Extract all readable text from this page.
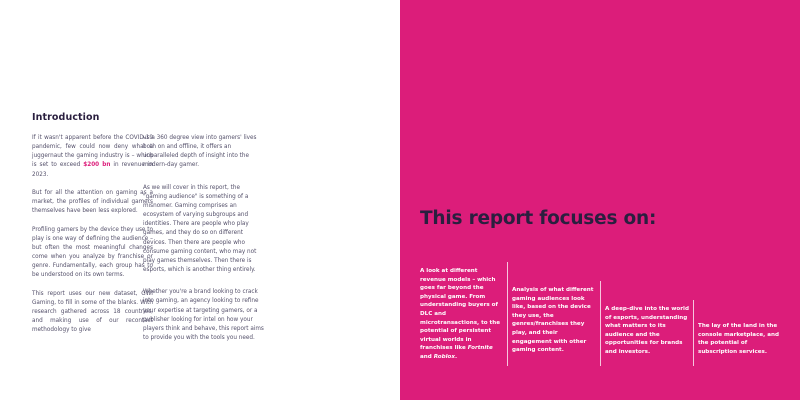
Introduction

If it wasn't apparent before the COVID-19 pandemic, few could now deny what a juggernaut the gaming industry is – which is set to exceed $200 bn in revenue in 2023.

But for all the attention on gaming as a market, the profiles of individual gamers themselves have been less explored.

Profiling gamers by the device they use to play is one way of defining the audience – but often the most meaningful changes come when you analyze by franchise or genre. Fundamentally, each group has to be understood on its own terms.

This report uses our new dataset, GWI Gaming, to fill in some of the blanks. With research gathered across 18 countries, and making use of our recontact methodology to give

us a 360 degree view into gamers' lives both on and offline, it offers an unparalleled depth of insight into the modern-day gamer.

As we will cover in this report, the "gaming audience" is something of a misnomer. Gaming comprises an ecosystem of varying subgroups and identities. There are people who play games, and they do so on different devices. Then there are people who consume gaming content, who may not play games themselves. Then there is esports, which is another thing entirely.

Whether you're a brand looking to crack into gaming, an agency looking to refine your expertise at targeting gamers, or a publisher looking for intel on how your players think and behave, this report aims to provide you with the tools you need.

This report focuses on:
A look at different revenue models – which goes far beyond the physical game. From understanding buyers of DLC and microtransactions, to the potential of persistent virtual worlds in franchises like Fortnite and Roblox.
Analysis of what different gaming audiences look like, based on the device they use, the genres/franchises they play, and their engagement with other gaming content.
A deep-dive into the world of esports, understanding what matters to its audience and the opportunities for brands and investors.
The lay of the land in the console marketplace, and the potential of subscription services.
